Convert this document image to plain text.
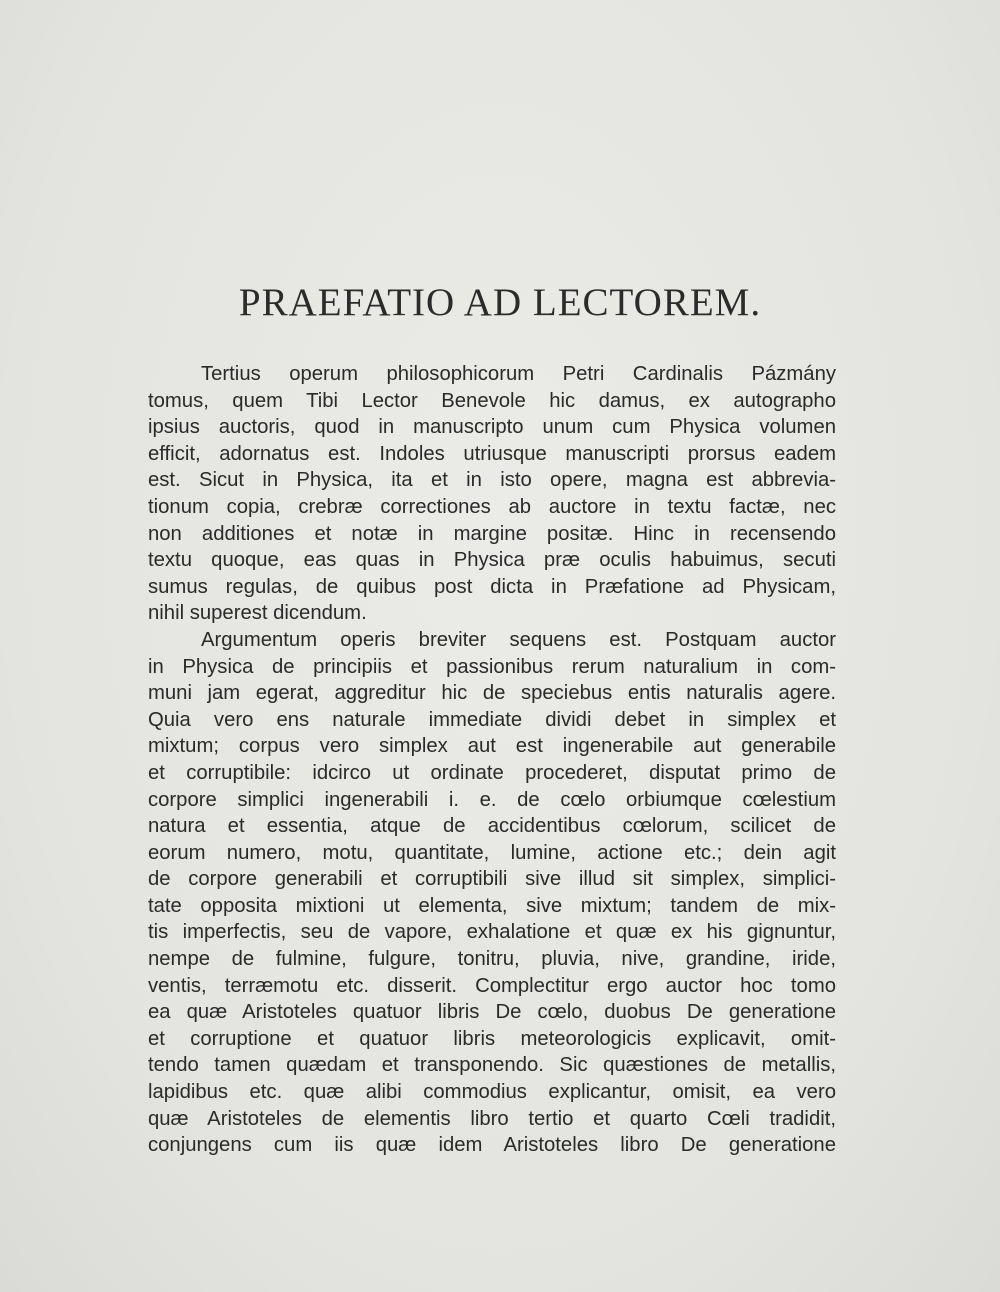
PRAEFATIO AD LECTOREM.
Tertius operum philosophicorum Petri Cardinalis Pázmány
tomus, quem Tibi Lector Benevole hic damus, ex autographo
ipsius auctoris, quod in manuscripto unum cum Physica volumen
efficit, adornatus est. Indoles utriusque manuscripti prorsus eadem
est. Sicut in Physica, ita et in isto opere, magna est abbrevia-
tionum copia, crebræ correctiones ab auctore in textu factæ, nec
non additiones et notæ in margine positæ. Hinc in recensendo
textu quoque, eas quas in Physica præ oculis habuimus, secuti
sumus regulas, de quibus post dicta in Præfatione ad Physicam,
nihil superest dicendum.
Argumentum operis breviter sequens est. Postquam auctor
in Physica de principiis et passionibus rerum naturalium in com-
muni jam egerat, aggreditur hic de speciebus entis naturalis agere.
Quia vero ens naturale immediate dividi debet in simplex et
mixtum; corpus vero simplex aut est ingenerabile aut generabile
et corruptibile: idcirco ut ordinate procederet, disputat primo de
corpore simplici ingenerabili i. e. de cœlo orbiumque cœlestium
natura et essentia, atque de accidentibus cœlorum, scilicet de
eorum numero, motu, quantitate, lumine, actione etc.; dein agit
de corpore generabili et corruptibili sive illud sit simplex, simplici-
tate opposita mixtioni ut elementa, sive mixtum; tandem de mix-
tis imperfectis, seu de vapore, exhalatione et quæ ex his gignuntur,
nempe de fulmine, fulgure, tonitru, pluvia, nive, grandine, iride,
ventis, terræmotu etc. disserit. Complectitur ergo auctor hoc tomo
ea quæ Aristoteles quatuor libris De cœlo, duobus De generatione
et corruptione et quatuor libris meteorologicis explicavit, omit-
tendo tamen quædam et transponendo. Sic quæstiones de metallis,
lapidibus etc. quæ alibi commodius explicantur, omisit, ea vero
quæ Aristoteles de elementis libro tertio et quarto Cœli tradidit,
conjungens cum iis quæ idem Aristoteles libro De generatione
